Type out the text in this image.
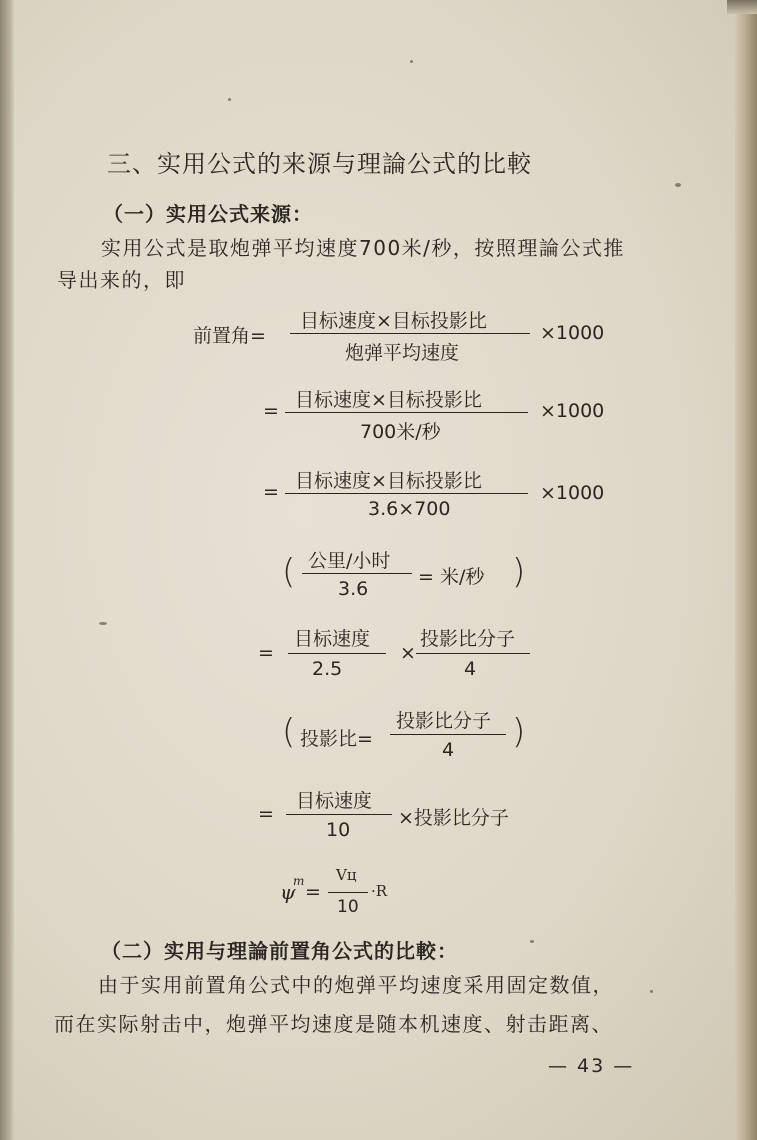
三、实用公式的来源与理論公式的比較
（一）实用公式来源：
实用公式是取炮弹平均速度700米/秒，按照理論公式推
导出来的，即
前置角=
目标速度×目标投影比
炮弹平均速度
×1000
= 目标速度×目标投影比
700米/秒
×1000
= 目标速度×目标投影比
3.6×700
×1000
( 公里/小时
3.6
= 米/秒 )
=
目标速度
2.5
×
投影比分子
4
( 投影比=
投影比分子
4 )
=
目标速度
10
×投影比分子
ψ
т =
Vц
10
·R
（二）实用与理論前置角公式的比較：
由于实用前置角公式中的炮弹平均速度采用固定数值，
而在实际射击中，炮弹平均速度是随本机速度、射击距离、
— 43 —
